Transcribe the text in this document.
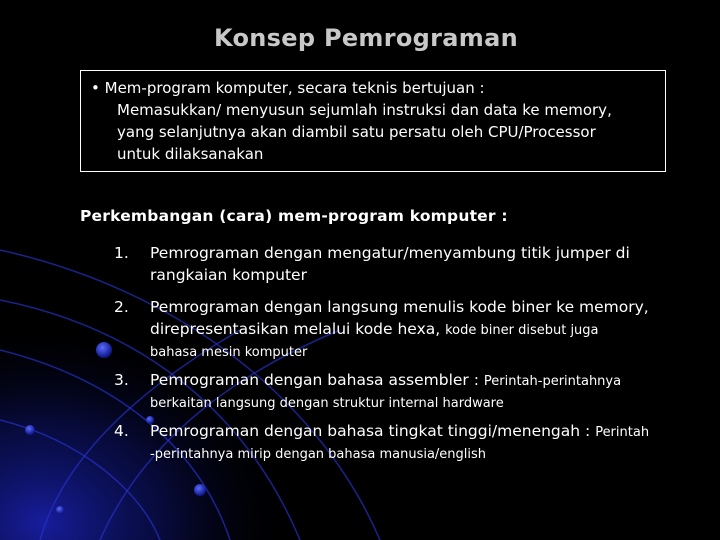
Konsep Pemrograman
• Mem-program komputer, secara teknis bertujuan :
Memasukkan/ menyusun sejumlah instruksi dan data ke memory,
yang selanjutnya akan diambil satu persatu oleh CPU/Processor
untuk dilaksanakan
Perkembangan (cara) mem-program komputer :
1. Pemrograman dengan mengatur/menyambung titik jumper di
rangkaian komputer
2. Pemrograman dengan langsung menulis kode biner ke memory,
direpresentasikan melalui kode hexa, kode biner disebut juga
bahasa mesin komputer
3. Pemrograman dengan bahasa assembler : Perintah-perintahnya
berkaitan langsung dengan struktur internal hardware
4. Pemrograman dengan bahasa tingkat tinggi/menengah : Perintah
-perintahnya mirip dengan bahasa manusia/english
